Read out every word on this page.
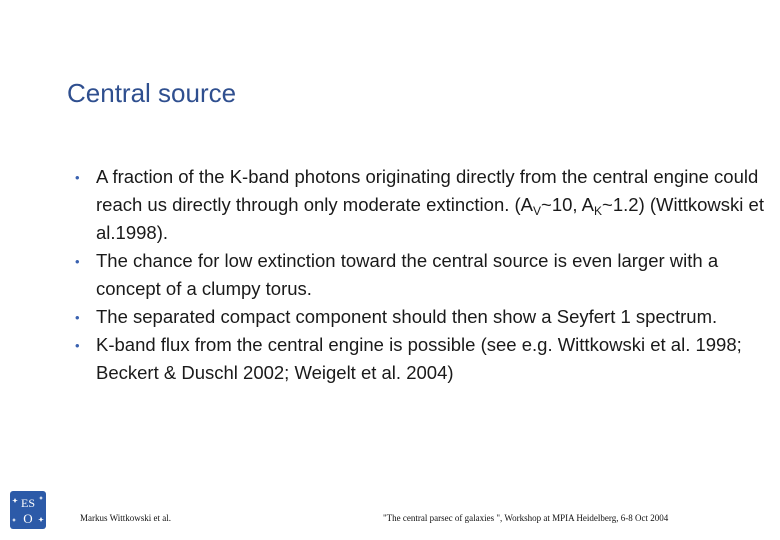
Central source
• A fraction of the K-band photons originating directly from the central engine could reach us directly through only moderate extinction. ($A_V\sim 10$, $A_K\sim 1.2$) (Wittkowski et al.1998).
• The chance for low extinction toward the central source is even larger with a concept of a clumpy torus.
• The separated compact component should then show a Seyfert 1 spectrum.
• K-band flux from the central engine is possible (see e.g. Wittkowski et al. 1998; Beckert & Duschl 2002; Weigelt et al. 2004)
ES
O	Markus Wittkowski et al.	"The central parsec of galaxies ", Workshop at MPIA Heidelberg, 6-8 Oct 2004
